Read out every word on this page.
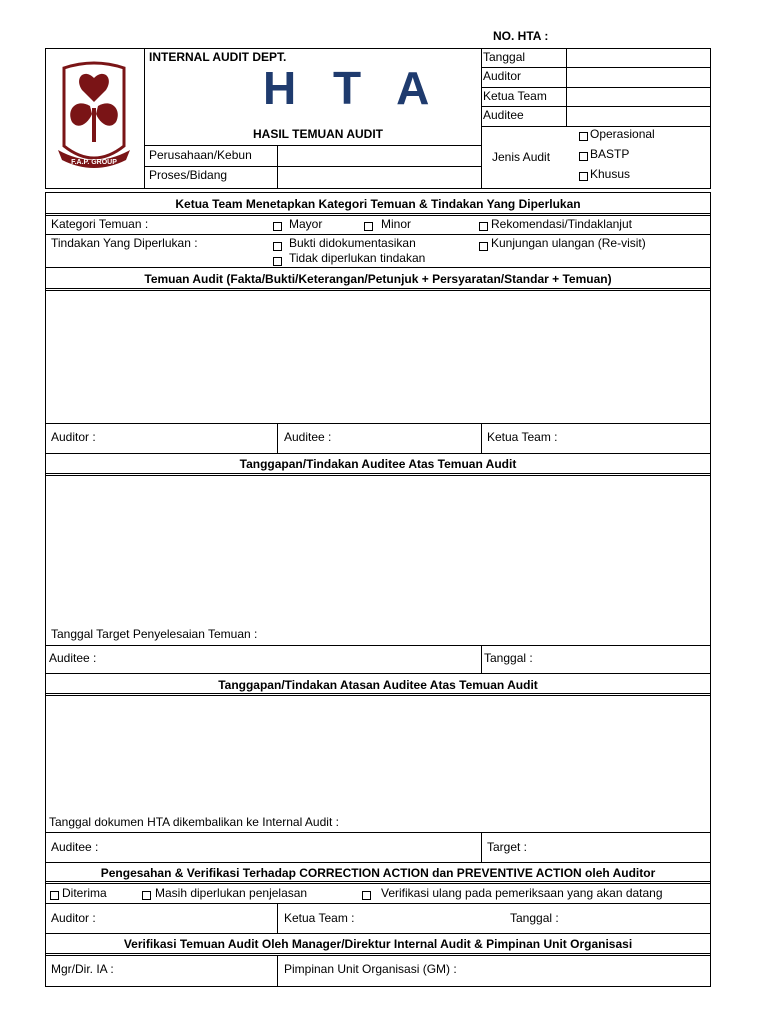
NO. HTA :
F.A.P. GROUP
INTERNAL AUDIT DEPT.
H T A
HASIL TEMUAN AUDIT
Perusahaan/Kebun
Proses/Bidang
Tanggal
Auditor
Ketua Team
Auditee
Jenis Audit
Operasional
BASTP
Khusus
Ketua Team Menetapkan Kategori Temuan & Tindakan Yang Diperlukan
Kategori Temuan :	Mayor	Minor	Rekomendasi/Tindaklanjut
Tindakan Yang Diperlukan :	Bukti didokumentasikan
Tidak diperlukan tindakan
Kunjungan ulangan (Re-visit)
Temuan Audit (Fakta/Bukti/Keterangan/Petunjuk + Persyaratan/Standar + Temuan)
Auditor :	Auditee :	Ketua Team :
Tanggapan/Tindakan Auditee Atas Temuan Audit
Tanggal Target Penyelesaian Temuan :
Auditee :	Tanggal :
Tanggapan/Tindakan Atasan Auditee Atas Temuan Audit
Tanggal dokumen HTA dikembalikan ke Internal Audit :
Auditee :	Target :
Pengesahan & Verifikasi Terhadap CORRECTION ACTION dan PREVENTIVE ACTION oleh Auditor
Diterima	Masih diperlukan penjelasan	Verifikasi ulang pada pemeriksaan yang akan datang
Auditor :	Ketua Team :	Tanggal :
Verifikasi Temuan Audit Oleh Manager/Direktur Internal Audit & Pimpinan Unit Organisasi
Mgr/Dir. IA :	Pimpinan Unit Organisasi (GM) :
